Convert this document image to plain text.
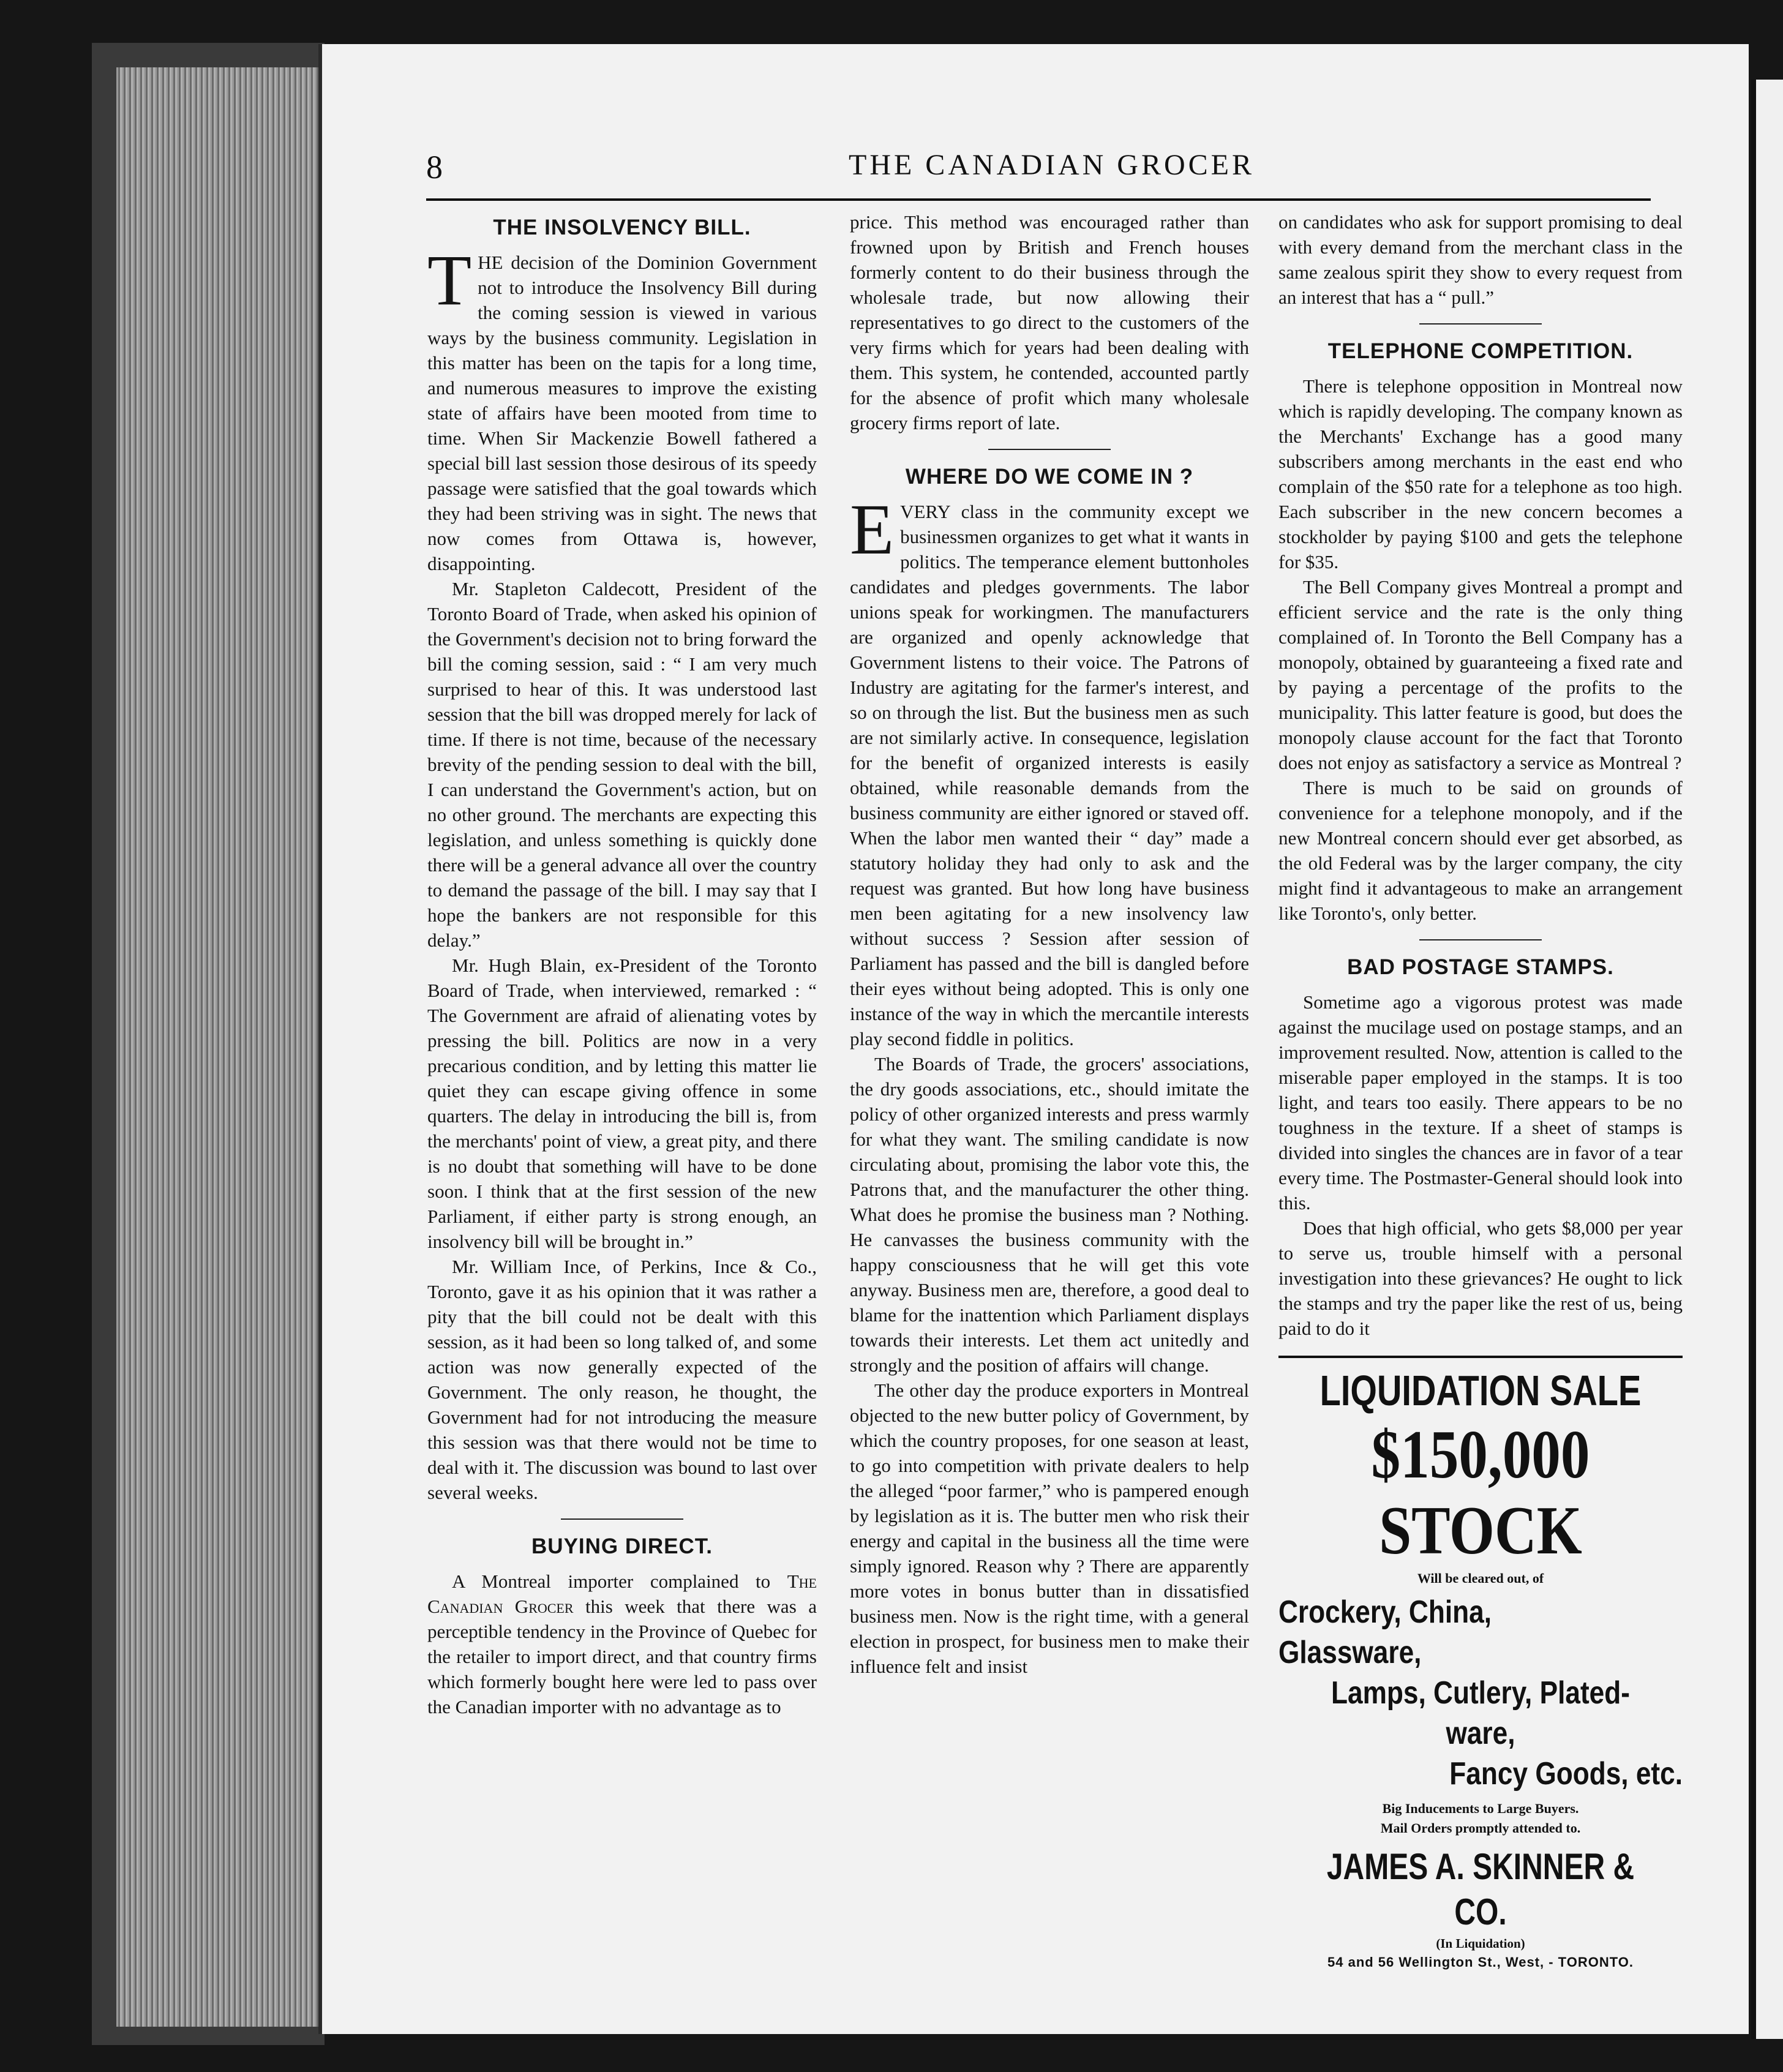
8	THE CANADIAN GROCER
THE INSOLVENCY BILL.

THE decision of the Dominion Government not to introduce the Insolvency Bill during the coming session is viewed in various ways by the business community. Legislation in this matter has been on the tapis for a long time, and numerous measures to improve the existing state of affairs have been mooted from time to time. When Sir Mackenzie Bowell fathered a special bill last session those desirous of its speedy passage were satisfied that the goal towards which they had been striving was in sight. The news that now comes from Ottawa is, however, disappointing.

Mr. Stapleton Caldecott, President of the Toronto Board of Trade, when asked his opinion of the Government's decision not to bring forward the bill the coming session, said : “ I am very much surprised to hear of this. It was understood last session that the bill was dropped merely for lack of time. If there is not time, because of the necessary brevity of the pending session to deal with the bill, I can understand the Government's action, but on no other ground. The merchants are expecting this legislation, and unless something is quickly done there will be a general advance all over the country to demand the passage of the bill. I may say that I hope the bankers are not responsible for this delay.”

Mr. Hugh Blain, ex-President of the Toronto Board of Trade, when interviewed, remarked : “ The Government are afraid of alienating votes by pressing the bill. Politics are now in a very precarious condition, and by letting this matter lie quiet they can escape giving offence in some quarters. The delay in introducing the bill is, from the merchants' point of view, a great pity, and there is no doubt that something will have to be done soon. I think that at the first session of the new Parliament, if either party is strong enough, an insolvency bill will be brought in.”

Mr. William Ince, of Perkins, Ince & Co., Toronto, gave it as his opinion that it was rather a pity that the bill could not be dealt with this session, as it had been so long talked of, and some action was now generally expected of the Government. The only reason, he thought, the Government had for not introducing the measure this session was that there would not be time to deal with it. The discussion was bound to last over several weeks.

BUYING DIRECT.

A Montreal importer complained to The Canadian Grocer this week that there was a perceptible tendency in the Province of Quebec for the retailer to import direct, and that country firms which formerly bought here were led to pass over the Canadian importer with no advantage as to

price. This method was encouraged rather than frowned upon by British and French houses formerly content to do their business through the wholesale trade, but now allowing their representatives to go direct to the customers of the very firms which for years had been dealing with them. This system, he contended, accounted partly for the absence of profit which many wholesale grocery firms report of late.

WHERE DO WE COME IN ?

EVERY class in the community except we businessmen organizes to get what it wants in politics. The temperance element buttonholes candidates and pledges governments. The labor unions speak for workingmen. The manufacturers are organized and openly acknowledge that Government listens to their voice. The Patrons of Industry are agitating for the farmer's interest, and so on through the list. But the business men as such are not similarly active. In consequence, legislation for the benefit of organized interests is easily obtained, while reasonable demands from the business community are either ignored or staved off. When the labor men wanted their “ day” made a statutory holiday they had only to ask and the request was granted. But how long have business men been agitating for a new insolvency law without success ? Session after session of Parliament has passed and the bill is dangled before their eyes without being adopted. This is only one instance of the way in which the mercantile interests play second fiddle in politics.

The Boards of Trade, the grocers' associations, the dry goods associations, etc., should imitate the policy of other organized interests and press warmly for what they want. The smiling candidate is now circulating about, promising the labor vote this, the Patrons that, and the manufacturer the other thing. What does he promise the business man ? Nothing. He canvasses the business community with the happy consciousness that he will get this vote anyway. Business men are, therefore, a good deal to blame for the inattention which Parliament displays towards their interests. Let them act unitedly and strongly and the position of affairs will change.

The other day the produce exporters in Montreal objected to the new butter policy of Government, by which the country proposes, for one season at least, to go into competition with private dealers to help the alleged “poor farmer,” who is pampered enough by legislation as it is. The butter men who risk their energy and capital in the business all the time were simply ignored. Reason why ? There are apparently more votes in bonus butter than in dissatisfied business men. Now is the right time, with a general election in prospect, for business men to make their influence felt and insist

on candidates who ask for support promising to deal with every demand from the merchant class in the same zealous spirit they show to every request from an interest that has a “ pull.”

TELEPHONE COMPETITION.

There is telephone opposition in Montreal now which is rapidly developing. The company known as the Merchants' Exchange has a good many subscribers among merchants in the east end who complain of the $50 rate for a telephone as too high. Each subscriber in the new concern becomes a stockholder by paying $100 and gets the telephone for $35.

The Bell Company gives Montreal a prompt and efficient service and the rate is the only thing complained of. In Toronto the Bell Company has a monopoly, obtained by guaranteeing a fixed rate and by paying a percentage of the profits to the municipality. This latter feature is good, but does the monopoly clause account for the fact that Toronto does not enjoy as satisfactory a service as Montreal ?

There is much to be said on grounds of convenience for a telephone monopoly, and if the new Montreal concern should ever get absorbed, as the old Federal was by the larger company, the city might find it advantageous to make an arrangement like Toronto's, only better.

BAD POSTAGE STAMPS.

Sometime ago a vigorous protest was made against the mucilage used on postage stamps, and an improvement resulted. Now, attention is called to the miserable paper employed in the stamps. It is too light, and tears too easily. There appears to be no toughness in the texture. If a sheet of stamps is divided into singles the chances are in favor of a tear every time. The Postmaster-General should look into this.

Does that high official, who gets $8,000 per year to serve us, trouble himself with a personal investigation into these grievances? He ought to lick the stamps and try the paper like the rest of us, being paid to do it

LIQUIDATION SALE
$150,000 STOCK
Will be cleared out, of
Crockery, China, Glassware,
Lamps, Cutlery, Plated-ware,
Fancy Goods, etc.
Big Inducements to Large Buyers.
Mail Orders promptly attended to.
JAMES A. SKINNER & CO.
(In Liquidation)
54 and 56 Wellington St., West, - TORONTO.
